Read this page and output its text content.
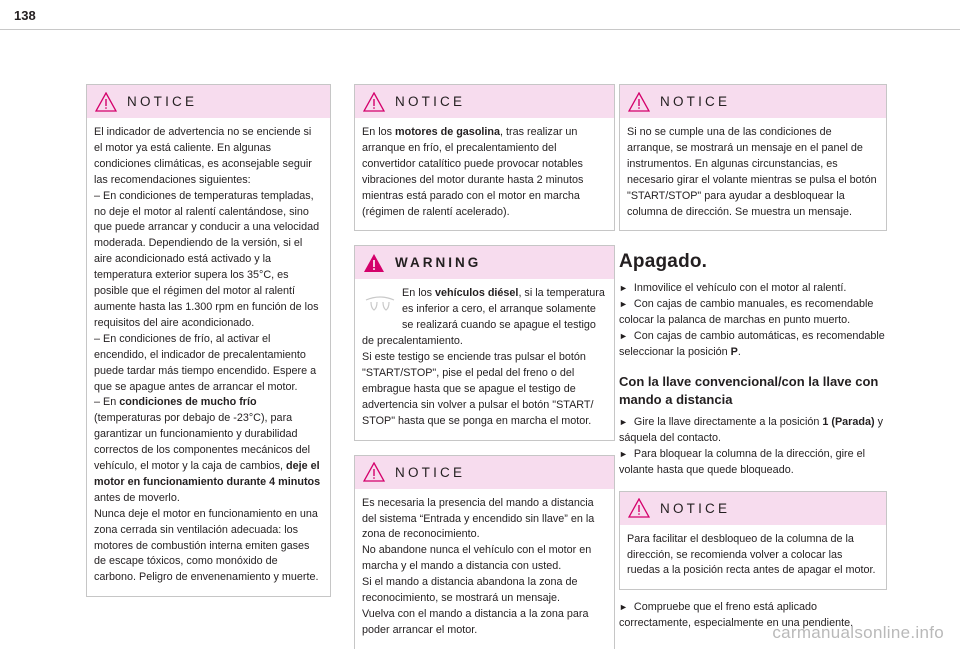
138
NOTICE

El indicador de advertencia no se enciende si el motor ya está caliente. En algunas condiciones climáticas, es aconsejable seguir las recomendaciones siguientes:

– En condiciones de temperaturas templadas, no deje el motor al ralentí calentándose, sino que puede arrancar y conducir a una velocidad moderada. Dependiendo de la versión, si el aire acondicionado está activado y la temperatura exterior supera los 35°C, es posible que el régimen del motor al ralentí aumente hasta las 1.300 rpm en función de los requisitos del aire acondicionado.

– En condiciones de frío, al activar el encendido, el indicador de precalentamiento puede tardar más tiempo encendido. Espere a que se apague antes de arrancar el motor.

– En condiciones de mucho frío (temperaturas por debajo de -23°C), para garantizar un funcionamiento y durabilidad correctos de los componentes mecánicos del vehículo, el motor y la caja de cambios, deje el motor en funcionamiento durante 4 minutos antes de moverlo.

Nunca deje el motor en funcionamiento en una zona cerrada sin ventilación adecuada: los motores de combustión interna emiten gases de escape tóxicos, como monóxido de carbono. Peligro de envenenamiento y muerte.

NOTICE

En los motores de gasolina, tras realizar un arranque en frío, el precalentamiento del convertidor catalítico puede provocar notables vibraciones del motor durante hasta 2 minutos mientras está parado con el motor en marcha (régimen de ralentí acelerado).

WARNING

En los vehículos diésel, si la temperatura es inferior a cero, el arranque solamente se realizará cuando se apague el testigo de precalentamiento.

Si este testigo se enciende tras pulsar el botón "START/STOP", pise el pedal del freno o del embrague hasta que se apague el testigo de advertencia sin volver a pulsar el botón "START/ STOP" hasta que se ponga en marcha el motor.

NOTICE

Es necesaria la presencia del mando a distancia del sistema “Entrada y encendido sin llave” en la zona de reconocimiento.

No abandone nunca el vehículo con el motor en marcha y el mando a distancia con usted.

Si el mando a distancia abandona la zona de reconocimiento, se mostrará un mensaje.

Vuelva con el mando a distancia a la zona para poder arrancar el motor.

NOTICE

Si no se cumple una de las condiciones de arranque, se mostrará un mensaje en el panel de instrumentos. En algunas circunstancias, es necesario girar el volante mientras se pulsa el botón "START/STOP" para ayudar a desbloquear la columna de dirección. Se muestra un mensaje.

Apagado.

► Inmovilice el vehículo con el motor al ralentí.

► Con cajas de cambio manuales, es recomendable colocar la palanca de marchas en punto muerto.

► Con cajas de cambio automáticas, es recomendable seleccionar la posición P.

Con la llave convencional/con la llave con mando a distancia

► Gire la llave directamente a la posición 1 (Parada) y sáquela del contacto.

► Para bloquear la columna de la dirección, gire el volante hasta que quede bloqueado.

NOTICE

Para facilitar el desbloqueo de la columna de la dirección, se recomienda volver a colocar las ruedas a la posición recta antes de apagar el motor.

► Compruebe que el freno está aplicado correctamente, especialmente en una pendiente.

carmanualsonline.info
